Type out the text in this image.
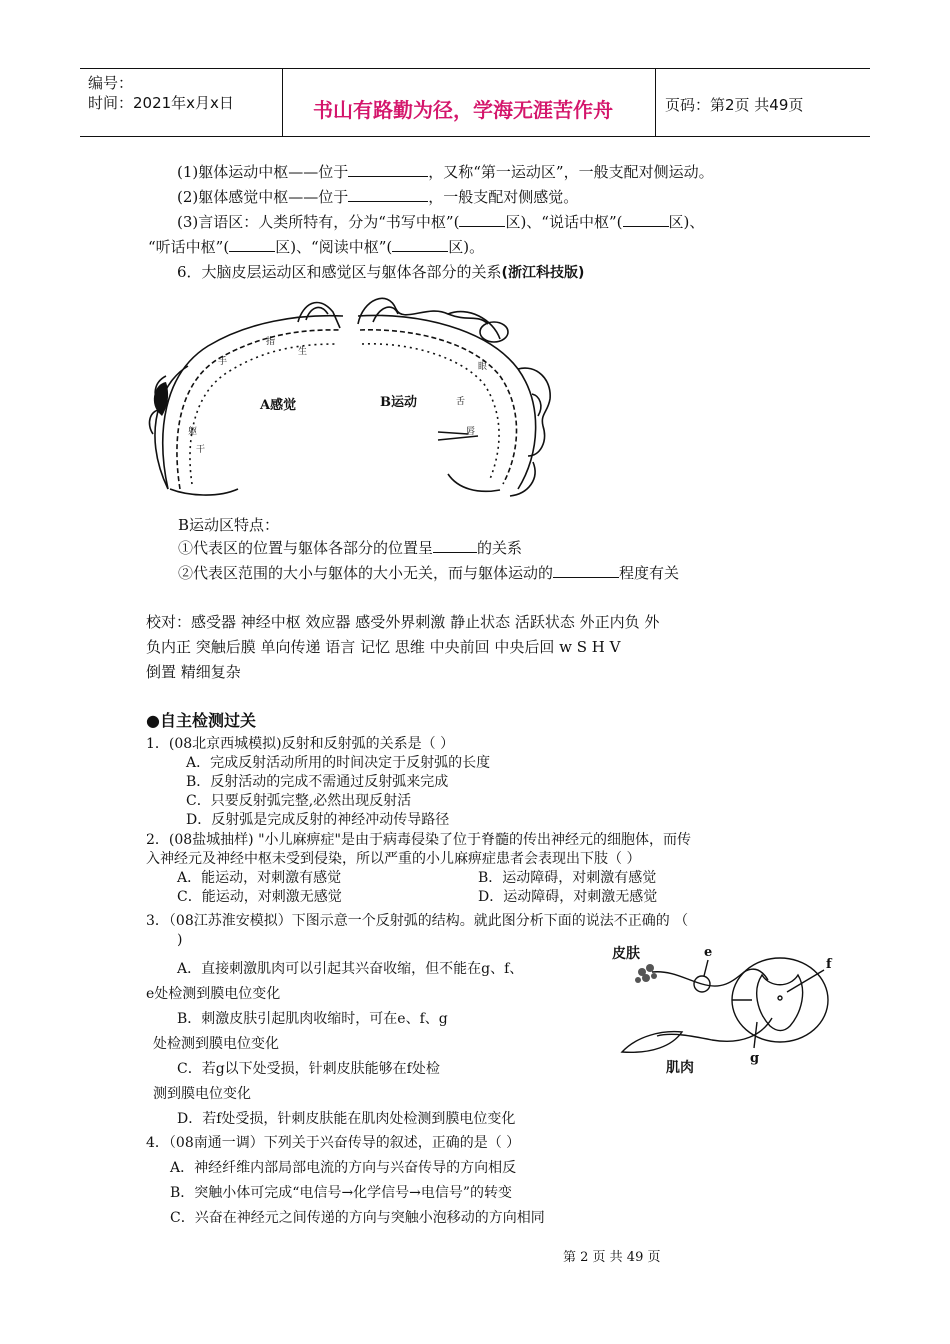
编号：
时间：2021年x月x日	书山有路勤为径，学海无涯苦作舟	页码：第2页 共49页
(1)躯体运动中枢——位于	，又称“第一运动区”，一般支配对侧运动。
(2)躯体感觉中枢——位于	，一般支配对侧感觉。
(3)言语区：人类所特有，分为“书写中枢”(	区)、“说话中枢”(	区)、
“听话中枢”(	区)、“阅读中枢”(	区)。
6．大脑皮层运动区和感觉区与躯体各部分的关系(浙江科技版)
躯
干
手
指
舌
唇
生
眼
A感觉	B运动
B运动区特点：
①代表区的位置与躯体各部分的位置呈	的关系
②代表区范围的大小与躯体的大小无关，而与躯体运动的	程度有关
校对：感受器 神经中枢 效应器 感受外界刺激 静止状态 活跃状态 外正内负 外
负内正 突触后膜 单向传递 语言 记忆 思维 中央前回 中央后回 w S H V
倒置 精细复杂
●自主检测过关
1．(08北京西城模拟)反射和反射弧的关系是（ ）
A．完成反射活动所用的时间决定于反射弧的长度
B．反射活动的完成不需通过反射弧来完成
C．只要反射弧完整,必然出现反射活
D．反射弧是完成反射的神经冲动传导路径
2．(08盐城抽样) "小儿麻痹症"是由于病毒侵染了位于脊髓的传出神经元的细胞体，而传
入神经元及神经中枢未受到侵染，所以严重的小儿麻痹症患者会表现出下肢（ ）
A．能运动，对刺激有感觉	B．运动障碍，对刺激有感觉
C．能运动，对刺激无感觉	D．运动障碍，对刺激无感觉
3．（08江苏淮安模拟）下图示意一个反射弧的结构。就此图分析下面的说法不正确的 （
)
A．直接刺激肌肉可以引起其兴奋收缩，但不能在g、f、
e处检测到膜电位变化
B．刺激皮肤引起肌肉收缩时，可在e、f、g
处检测到膜电位变化
C．若g以下处受损，针刺皮肤能够在f处检
测到膜电位变化
D．若f处受损，针刺皮肤能在肌肉处检测到膜电位变化
皮肤
肌肉
e
f
g
4．（08南通一调）下列关于兴奋传导的叙述，正确的是（ ）
A．神经纤维内部局部电流的方向与兴奋传导的方向相反
B．突触小体可完成“电信号→化学信号→电信号”的转变
C．兴奋在神经元之间传递的方向与突触小泡移动的方向相同
第 2 页 共 49 页
